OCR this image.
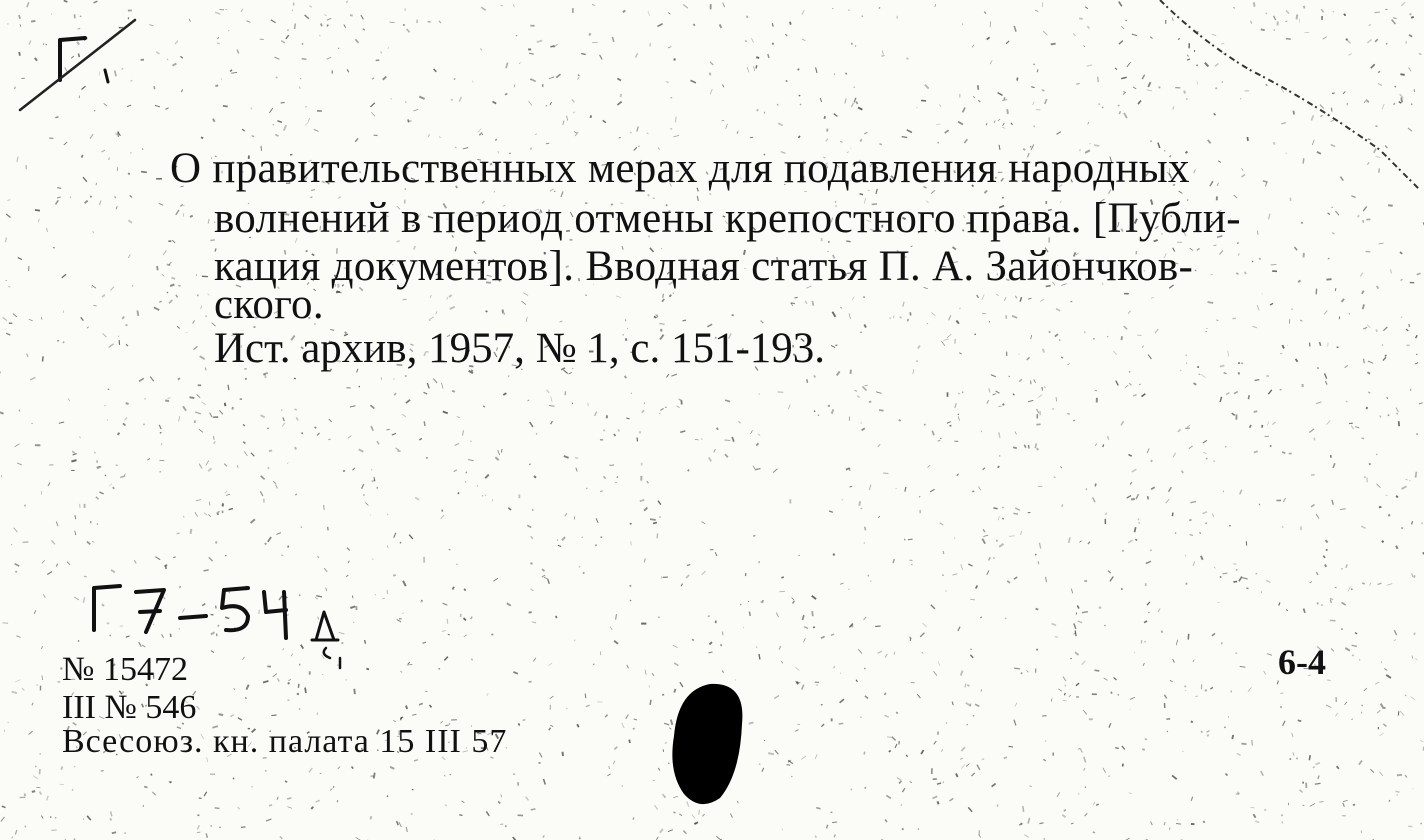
О правительственных мерах для подавления народных
волнений в период отмены крепостного права. [Публи-
кация документов]. Вводная статья П. А. Зайончков-
ского.
Ист. архив, 1957, № 1, с. 151-193.
№ 15472
III № 546
Всесоюз. кн. палата 15 III 57
6-4
